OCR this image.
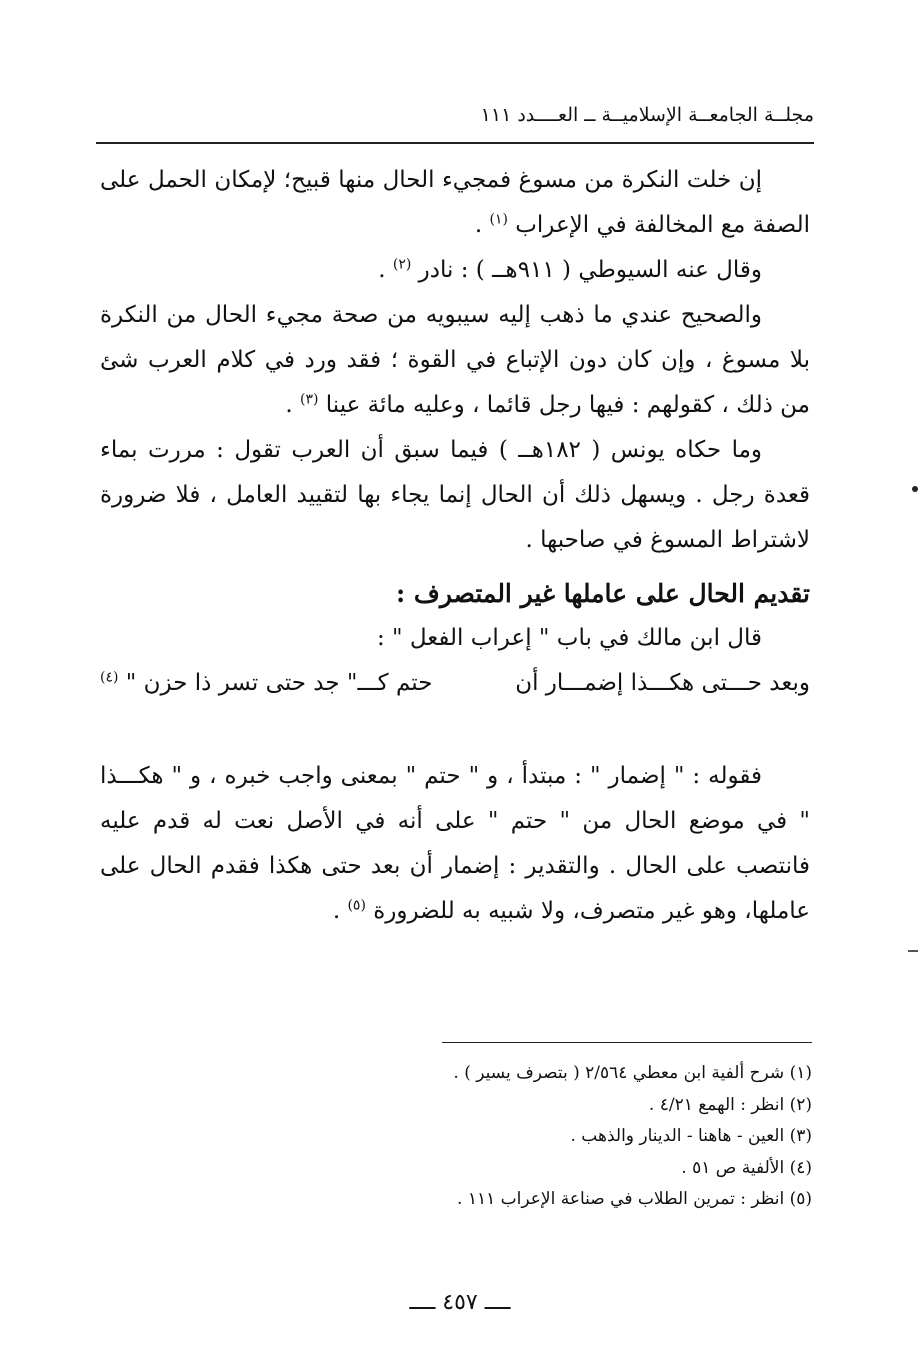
مجلــة الجامعــة الإسلاميــة ــ العــــدد ١١١

إن خلت النكرة من مسوغ فمجيء الحال منها قبيح؛ لإمكان الحمل على الصفة مع المخالفة في الإعراب $^{(١)}$ .

وقال عنه السيوطي ( ٩١١هــ ) : نادر $^{(٢)}$ .

والصحيح عندي ما ذهب إليه سيبويه من صحة مجيء الحال من النكرة بلا مسوغ ، وإن كان دون الإتباع في القوة ؛ فقد ورد في كلام العرب شئ من ذلك ، كقولهم : فيها رجل قائما ، وعليه مائة عينا $^{(٣)}$ .

وما حكاه يونس ( ١٨٢هــ ) فيما سبق أن العرب تقول : مررت بماء قعدة رجل . ويسهل ذلك أن الحال إنما يجاء بها لتقييد العامل ، فلا ضرورة لاشتراط المسوغ في صاحبها .

تقديم الحال على عاملها غير المتصرف :

قال ابن مالك في باب " إعراب الفعل " :

وبعد حـــتى هكـــذا إضمـــار أن
حتم كـــ" جد حتى تسر ذا حزن " $^{(٤)}$

فقوله : " إضمار " : مبتدأ ، و " حتم " بمعنى واجب خبره ، و " هكـــذا " في موضع الحال من " حتم " على أنه في الأصل نعت له قدم عليه فانتصب على الحال . والتقدير : إضمار أن بعد حتى هكذا فقدم الحال على عاملها، وهو غير متصرف، ولا شبيه به للضرورة $^{(٥)}$ .

(١) شرح ألفية ابن معطي ٢/٥٦٤ ( بتصرف يسير ) .

(٢) انظر : الهمع ٤/٢١ .

(٣) العين - هاهنا - الدينار والذهب .

(٤) الألفية ص ٥١ .

(٥) انظر : تمرين الطلاب في صناعة الإعراب ١١١ .

ــــ ٤٥٧ ــــ
